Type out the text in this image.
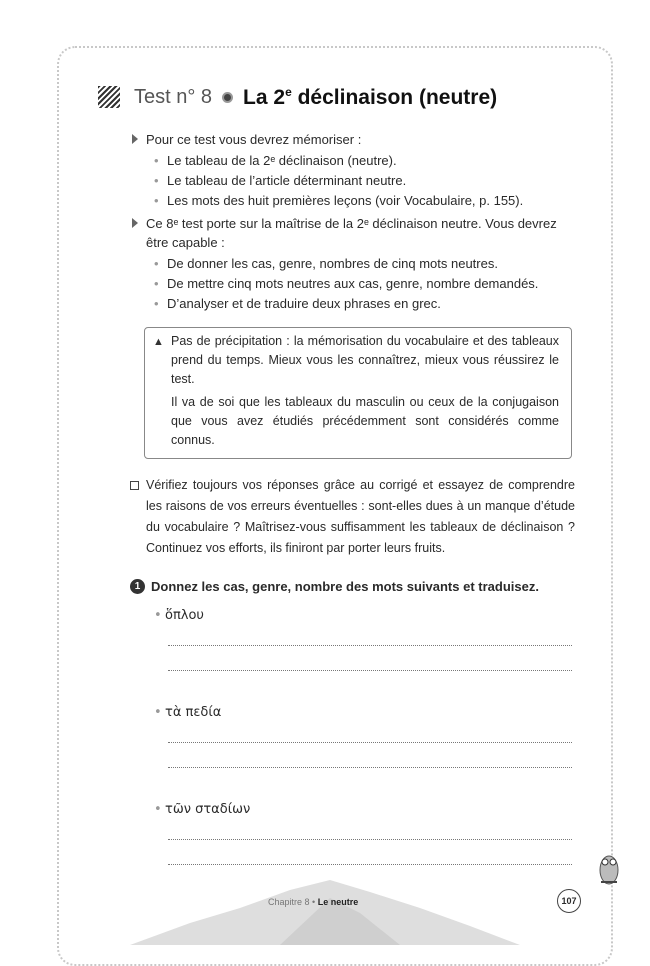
Test n° 8 La 2e déclinaison (neutre)
Pour ce test vous devrez mémoriser :
• Le tableau de la 2ᵉ déclinaison (neutre).
• Le tableau de l’article déterminant neutre.
• Les mots des huit premières leçons (voir Vocabulaire, p. 155).
Ce 8ᵉ test porte sur la maîtrise de la 2ᵉ déclinaison neutre. Vous devrez être capable :
• De donner les cas, genre, nombres de cinq mots neutres.
• De mettre cinq mots neutres aux cas, genre, nombre demandés.
• D’analyser et de traduire deux phrases en grec.
▲ Pas de précipitation : la mémorisation du vocabulaire et des tableaux prend du temps. Mieux vous les connaîtrez, mieux vous réussirez le test.

Il va de soi que les tableaux du masculin ou ceux de la conjugaison que vous avez étudiés précédemment sont considérés comme connus.

Vérifiez toujours vos réponses grâce au corrigé et essayez de comprendre les raisons de vos erreurs éventuelles : sont-elles dues à un manque d’étude du vocabulaire ? Maîtrisez-vous suffisamment les tableaux de déclinaison ? Continuez vos efforts, ils finiront par porter leurs fruits.
1 Donnez les cas, genre, nombre des mots suivants et traduisez.
• ὅπλου
• τὰ πεδία
• τῶν σταδίων
Chapitre 8 • Le neutre	107
